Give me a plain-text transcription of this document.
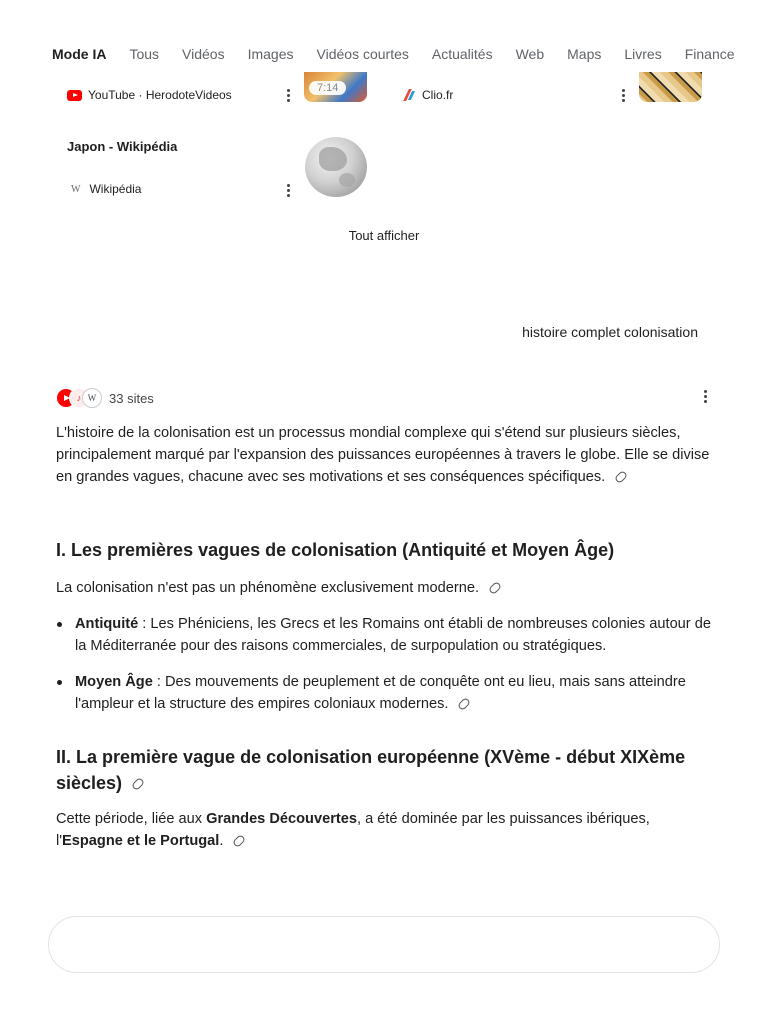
Mode IA Tous Vidéos Images Vidéos courtes Actualités Web Maps Livres Finance
7:14
YouTube · HerodoteVideos	Clio.fr
Japon - Wikipédia
W Wikipédia
Tout afficher
histoire complet colonisation
♪ W 33 sites

L'histoire de la colonisation est un processus mondial complexe qui s'étend sur plusieurs siècles, principalement marqué par l'expansion des puissances européennes à travers le globe. Elle se divise en grandes vagues, chacune avec ses motivations et ses conséquences spécifiques.

I. Les premières vagues de colonisation (Antiquité et Moyen Âge)

La colonisation n'est pas un phénomène exclusivement moderne.

Antiquité : Les Phéniciens, les Grecs et les Romains ont établi de nombreuses colonies autour de la Méditerranée pour des raisons commerciales, de surpopulation ou stratégiques.
Moyen Âge : Des mouvements de peuplement et de conquête ont eu lieu, mais sans atteindre l'ampleur et la structure des empires coloniaux modernes.
II. La première vague de colonisation européenne (XVème - début XIXème siècles)

Cette période, liée aux Grandes Découvertes, a été dominée par les puissances ibériques, l'Espagne et le Portugal.
